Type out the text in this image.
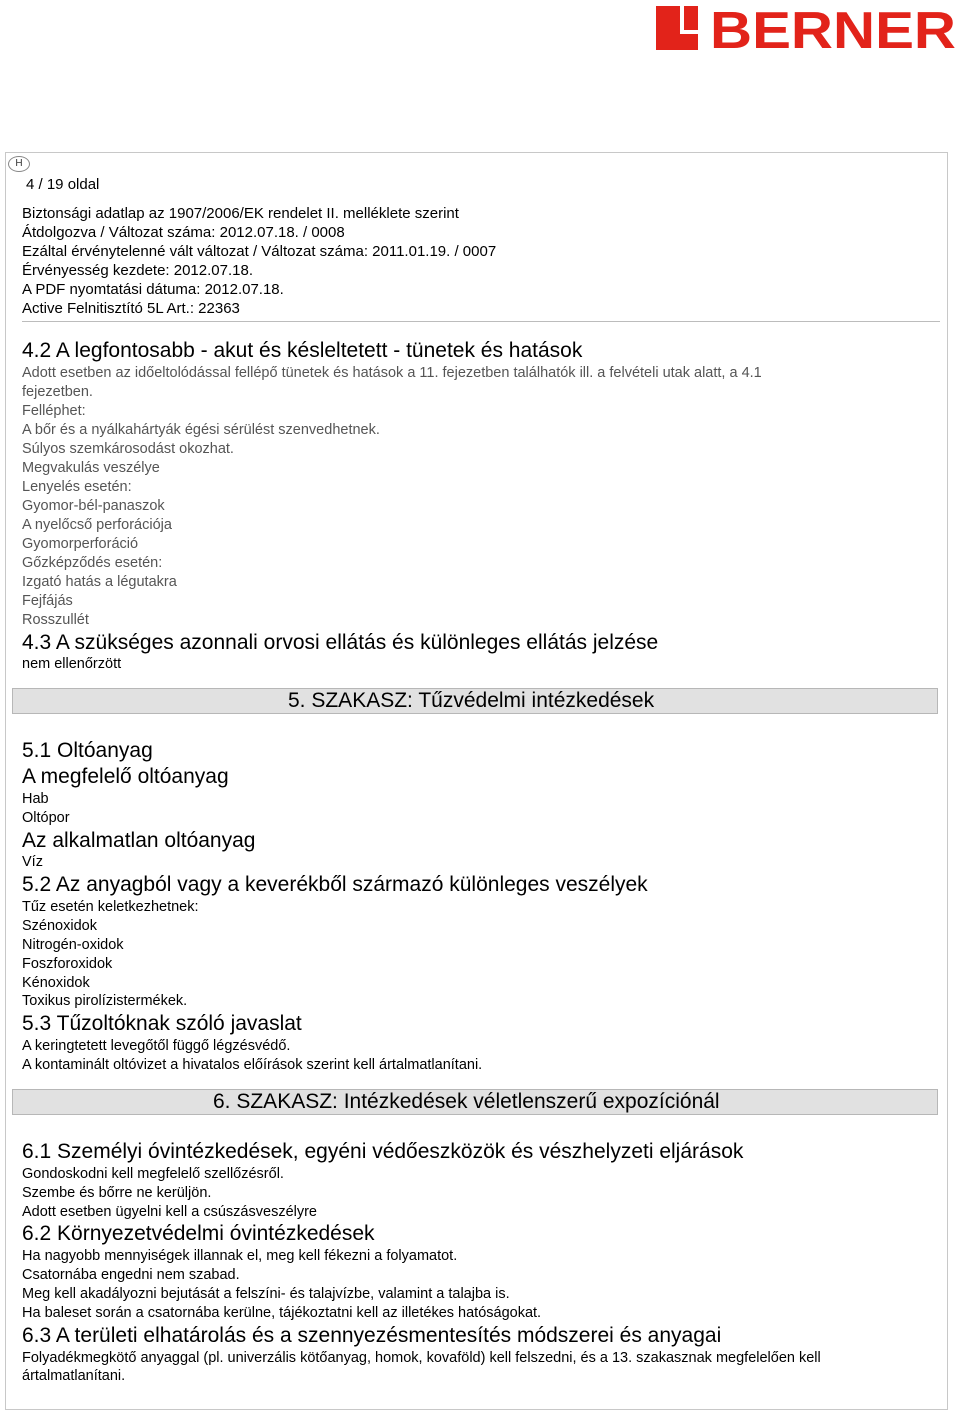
BERNER
H
4 / 19 oldal
Biztonsági adatlap az 1907/2006/EK rendelet II. melléklete szerint
Átdolgozva / Változat száma: 2012.07.18. / 0008
Ezáltal érvénytelenné vált változat / Változat száma: 2011.01.19. / 0007
Érvényesség kezdete: 2012.07.18.
A PDF nyomtatási dátuma: 2012.07.18.
Active Felnitisztító 5L Art.: 22363
4.2 A legfontosabb - akut és késleltetett - tünetek és hatások
Adott esetben az időeltolódással fellépő tünetek és hatások a 11. fejezetben találhatók ill. a felvételi utak alatt, a 4.1
fejezetben.
Felléphet:
A bőr és a nyálkahártyák égési sérülést szenvedhetnek.
Súlyos szemkárosodást okozhat.
Megvakulás veszélye
Lenyelés esetén:
Gyomor-bél-panaszok
A nyelőcső perforációja
Gyomorperforáció
Gőzképződés esetén:
Izgató hatás a légutakra
Fejfájás
Rosszullét
4.3 A szükséges azonnali orvosi ellátás és különleges ellátás jelzése
nem ellenőrzött
5. SZAKASZ: Tűzvédelmi intézkedések
5.1 Oltóanyag
A megfelelő oltóanyag
Hab
Oltópor
Az alkalmatlan oltóanyag
Víz
5.2 Az anyagból vagy a keverékből származó különleges veszélyek
Tűz esetén keletkezhetnek:
Szénoxidok
Nitrogén-oxidok
Foszforoxidok
Kénoxidok
Toxikus pirolízistermékek.
5.3 Tűzoltóknak szóló javaslat
A keringtetett levegőtől függő légzésvédő.
A kontaminált oltóvizet a hivatalos előírások szerint kell ártalmatlanítani.
6. SZAKASZ: Intézkedések véletlenszerű expozíciónál
6.1 Személyi óvintézkedések, egyéni védőeszközök és vészhelyzeti eljárások
Gondoskodni kell megfelelő szellőzésről.
Szembe és bőrre ne kerüljön.
Adott esetben ügyelni kell a csúszásveszélyre
6.2 Környezetvédelmi óvintézkedések
Ha nagyobb mennyiségek illannak el, meg kell fékezni a folyamatot.
Csatornába engedni nem szabad.
Meg kell akadályozni bejutását a felszíni- és talajvízbe, valamint a talajba is.
Ha baleset során a csatornába kerülne, tájékoztatni kell az illetékes hatóságokat.
6.3 A területi elhatárolás és a szennyezésmentesítés módszerei és anyagai
Folyadékmegkötő anyaggal (pl. univerzális kötőanyag, homok, kovaföld) kell felszedni, és a 13. szakasznak megfelelően kell
ártalmatlanítani.
